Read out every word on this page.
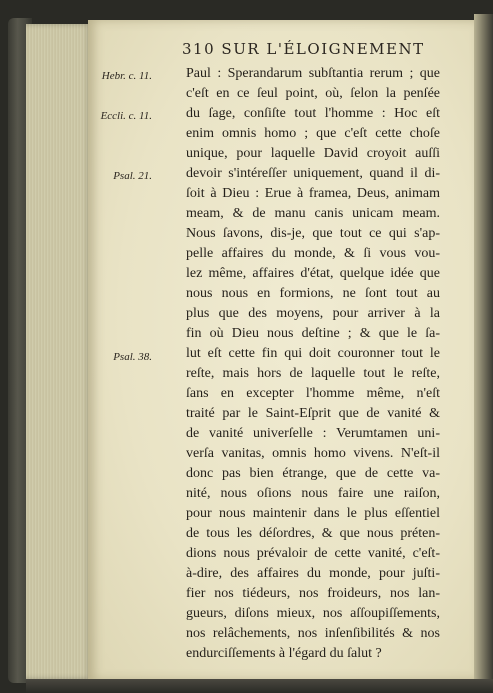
310 SUR L'ÉLOIGNEMENT
Hebr. c. 11.
Eccli. c. 11.
Psal. 21.
Psal. 38.
Paul : Sperandarum subſtantia rerum ; que
c'eſt en ce ſeul point, où, ſelon la penſée
du ſage, conſiſte tout l'homme : Hoc eſt
enim omnis homo ; que c'eſt cette choſe
unique, pour laquelle David croyoit auſſi
devoir s'intéreſſer uniquement, quand il di-
ſoit à Dieu : Erue à framea, Deus, animam
meam, & de manu canis unicam meam.
Nous ſavons, dis-je, que tout ce qui s'ap-
pelle affaires du monde, & ſi vous vou-
lez même, affaires d'état, quelque idée que
nous nous en formions, ne ſont tout au
plus que des moyens, pour arriver à la
fin où Dieu nous deſtine ; & que le ſa-
lut eſt cette fin qui doit couronner tout le
reſte, mais hors de laquelle tout le reſte,
ſans en excepter l'homme même, n'eſt
traité par le Saint-Eſprit que de vanité &
de vanité univerſelle : Verumtamen uni-
verſa vanitas, omnis homo vivens. N'eſt-il
donc pas bien étrange, que de cette va-
nité, nous oſions nous faire une raiſon,
pour nous maintenir dans le plus eſſentiel
de tous les déſordres, & que nous préten-
dions nous prévaloir de cette vanité, c'eſt-
à-dire, des affaires du monde, pour juſti-
fier nos tiédeurs, nos froideurs, nos lan-
gueurs, diſons mieux, nos aſſoupiſſements,
nos relâchements, nos inſenſibilités & nos
endurciſſements à l'égard du ſalut ?
